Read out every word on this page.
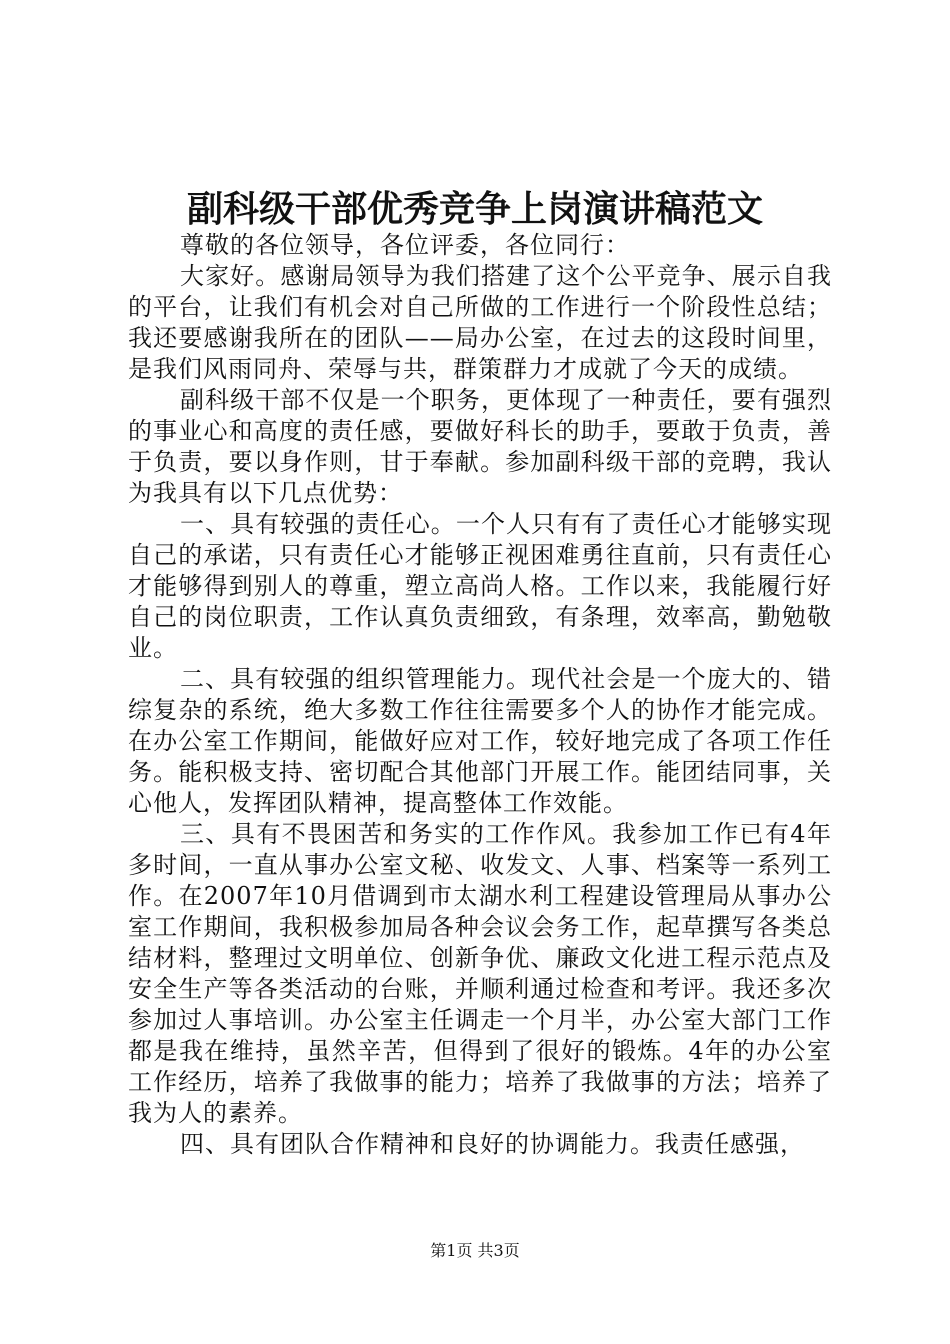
副科级干部优秀竞争上岗演讲稿范文

尊敬的各位领导，各位评委，各位同行：

大家好。感谢局领导为我们搭建了这个公平竞争、展示自我的平台，让我们有机会对自己所做的工作进行一个阶段性总结；我还要感谢我所在的团队——局办公室，在过去的这段时间里，是我们风雨同舟、荣辱与共，群策群力才成就了今天的成绩。

副科级干部不仅是一个职务，更体现了一种责任，要有强烈的事业心和高度的责任感，要做好科长的助手，要敢于负责，善于负责，要以身作则，甘于奉献。参加副科级干部的竞聘，我认为我具有以下几点优势：

一、具有较强的责任心。一个人只有有了责任心才能够实现自己的承诺，只有责任心才能够正视困难勇往直前，只有责任心才能够得到别人的尊重，塑立高尚人格。工作以来，我能履行好自己的岗位职责，工作认真负责细致，有条理，效率高，勤勉敬业。

二、具有较强的组织管理能力。现代社会是一个庞大的、错综复杂的系统，绝大多数工作往往需要多个人的协作才能完成。在办公室工作期间，能做好应对工作，较好地完成了各项工作任务。能积极支持、密切配合其他部门开展工作。能团结同事，关心他人，发挥团队精神，提高整体工作效能。

三、具有不畏困苦和务实的工作作风。我参加工作已有4年多时间，一直从事办公室文秘、收发文、人事、档案等一系列工作。在2007年10月借调到市太湖水利工程建设管理局从事办公室工作期间，我积极参加局各种会议会务工作，起草撰写各类总结材料，整理过文明单位、创新争优、廉政文化进工程示范点及安全生产等各类活动的台账，并顺利通过检查和考评。我还多次参加过人事培训。办公室主任调走一个月半，办公室大部门工作都是我在维持，虽然辛苦，但得到了很好的锻炼。4年的办公室工作经历，培养了我做事的能力；培养了我做事的方法；培养了我为人的素养。

四、具有团队合作精神和良好的协调能力。我责任感强，

第1页 共3页
